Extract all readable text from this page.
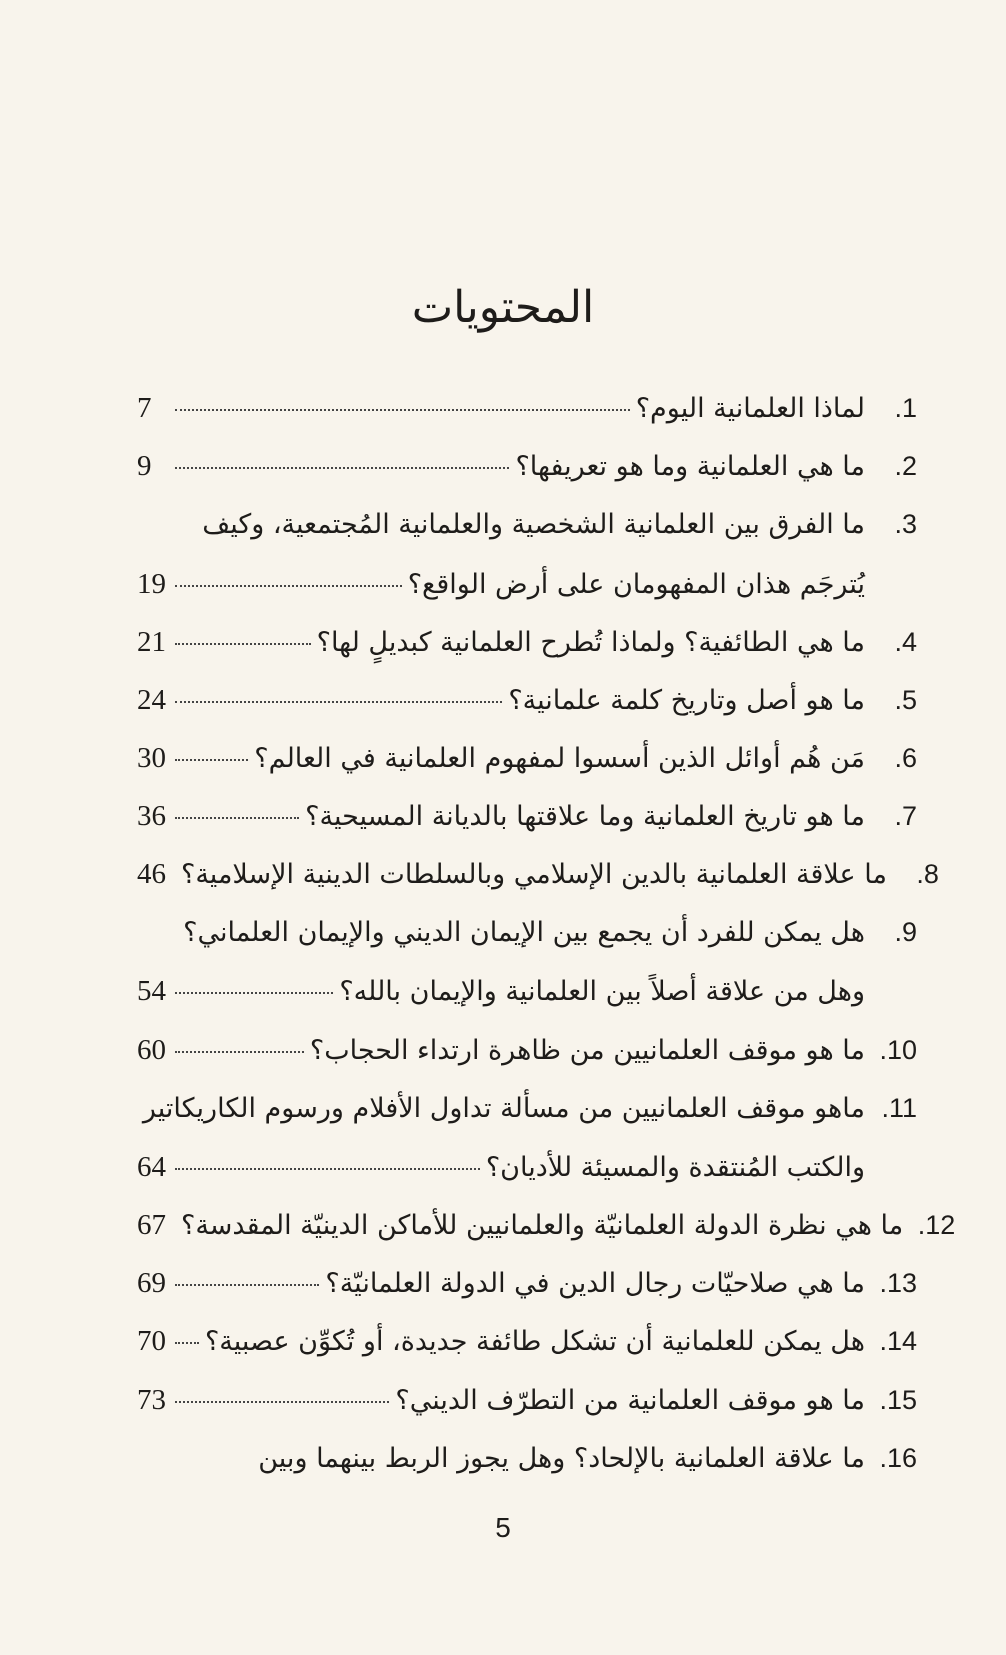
المحتويات
7	لماذا العلمانية اليوم؟	1.
9	ما هي العلمانية وما هو تعريفها؟	2.
ما الفرق بين العلمانية الشخصية والعلمانية المُجتمعية، وكيف	3.
19	يُترجَم هذان المفهومان على أرض الواقع؟
21	ما هي الطائفية؟ ولماذا تُطرح العلمانية كبديلٍ لها؟	4.
24	ما هو أصل وتاريخ كلمة علمانية؟	5.
30	مَن هُم أوائل الذين أسسوا لمفهوم العلمانية في العالم؟	6.
36	ما هو تاريخ العلمانية وما علاقتها بالديانة المسيحية؟	7.
46 ما علاقة العلمانية بالدين الإسلامي وبالسلطات الدينية الإسلامية؟	8.
هل يمكن للفرد أن يجمع بين الإيمان الديني والإيمان العلماني؟	9.
54	وهل من علاقة أصلاً بين العلمانية والإيمان بالله؟
60	ما هو موقف العلمانيين من ظاهرة ارتداء الحجاب؟ 10.
ماهو موقف العلمانيين من مسألة تداول الأفلام ورسوم الكاريكاتير 11.
64	والكتب المُنتقدة والمسيئة للأديان؟
67 ما هي نظرة الدولة العلمانيّة والعلمانيين للأماكن الدينيّة المقدسة؟ 12.
69	ما هي صلاحيّات رجال الدين في الدولة العلمانيّة؟ 13.
70	هل يمكن للعلمانية أن تشكل طائفة جديدة، أو تُكوِّن عصبية؟ 14.
73	ما هو موقف العلمانية من التطرّف الديني؟ 15.
ما علاقة العلمانية بالإلحاد؟ وهل يجوز الربط بينهما وبين 16.
5
